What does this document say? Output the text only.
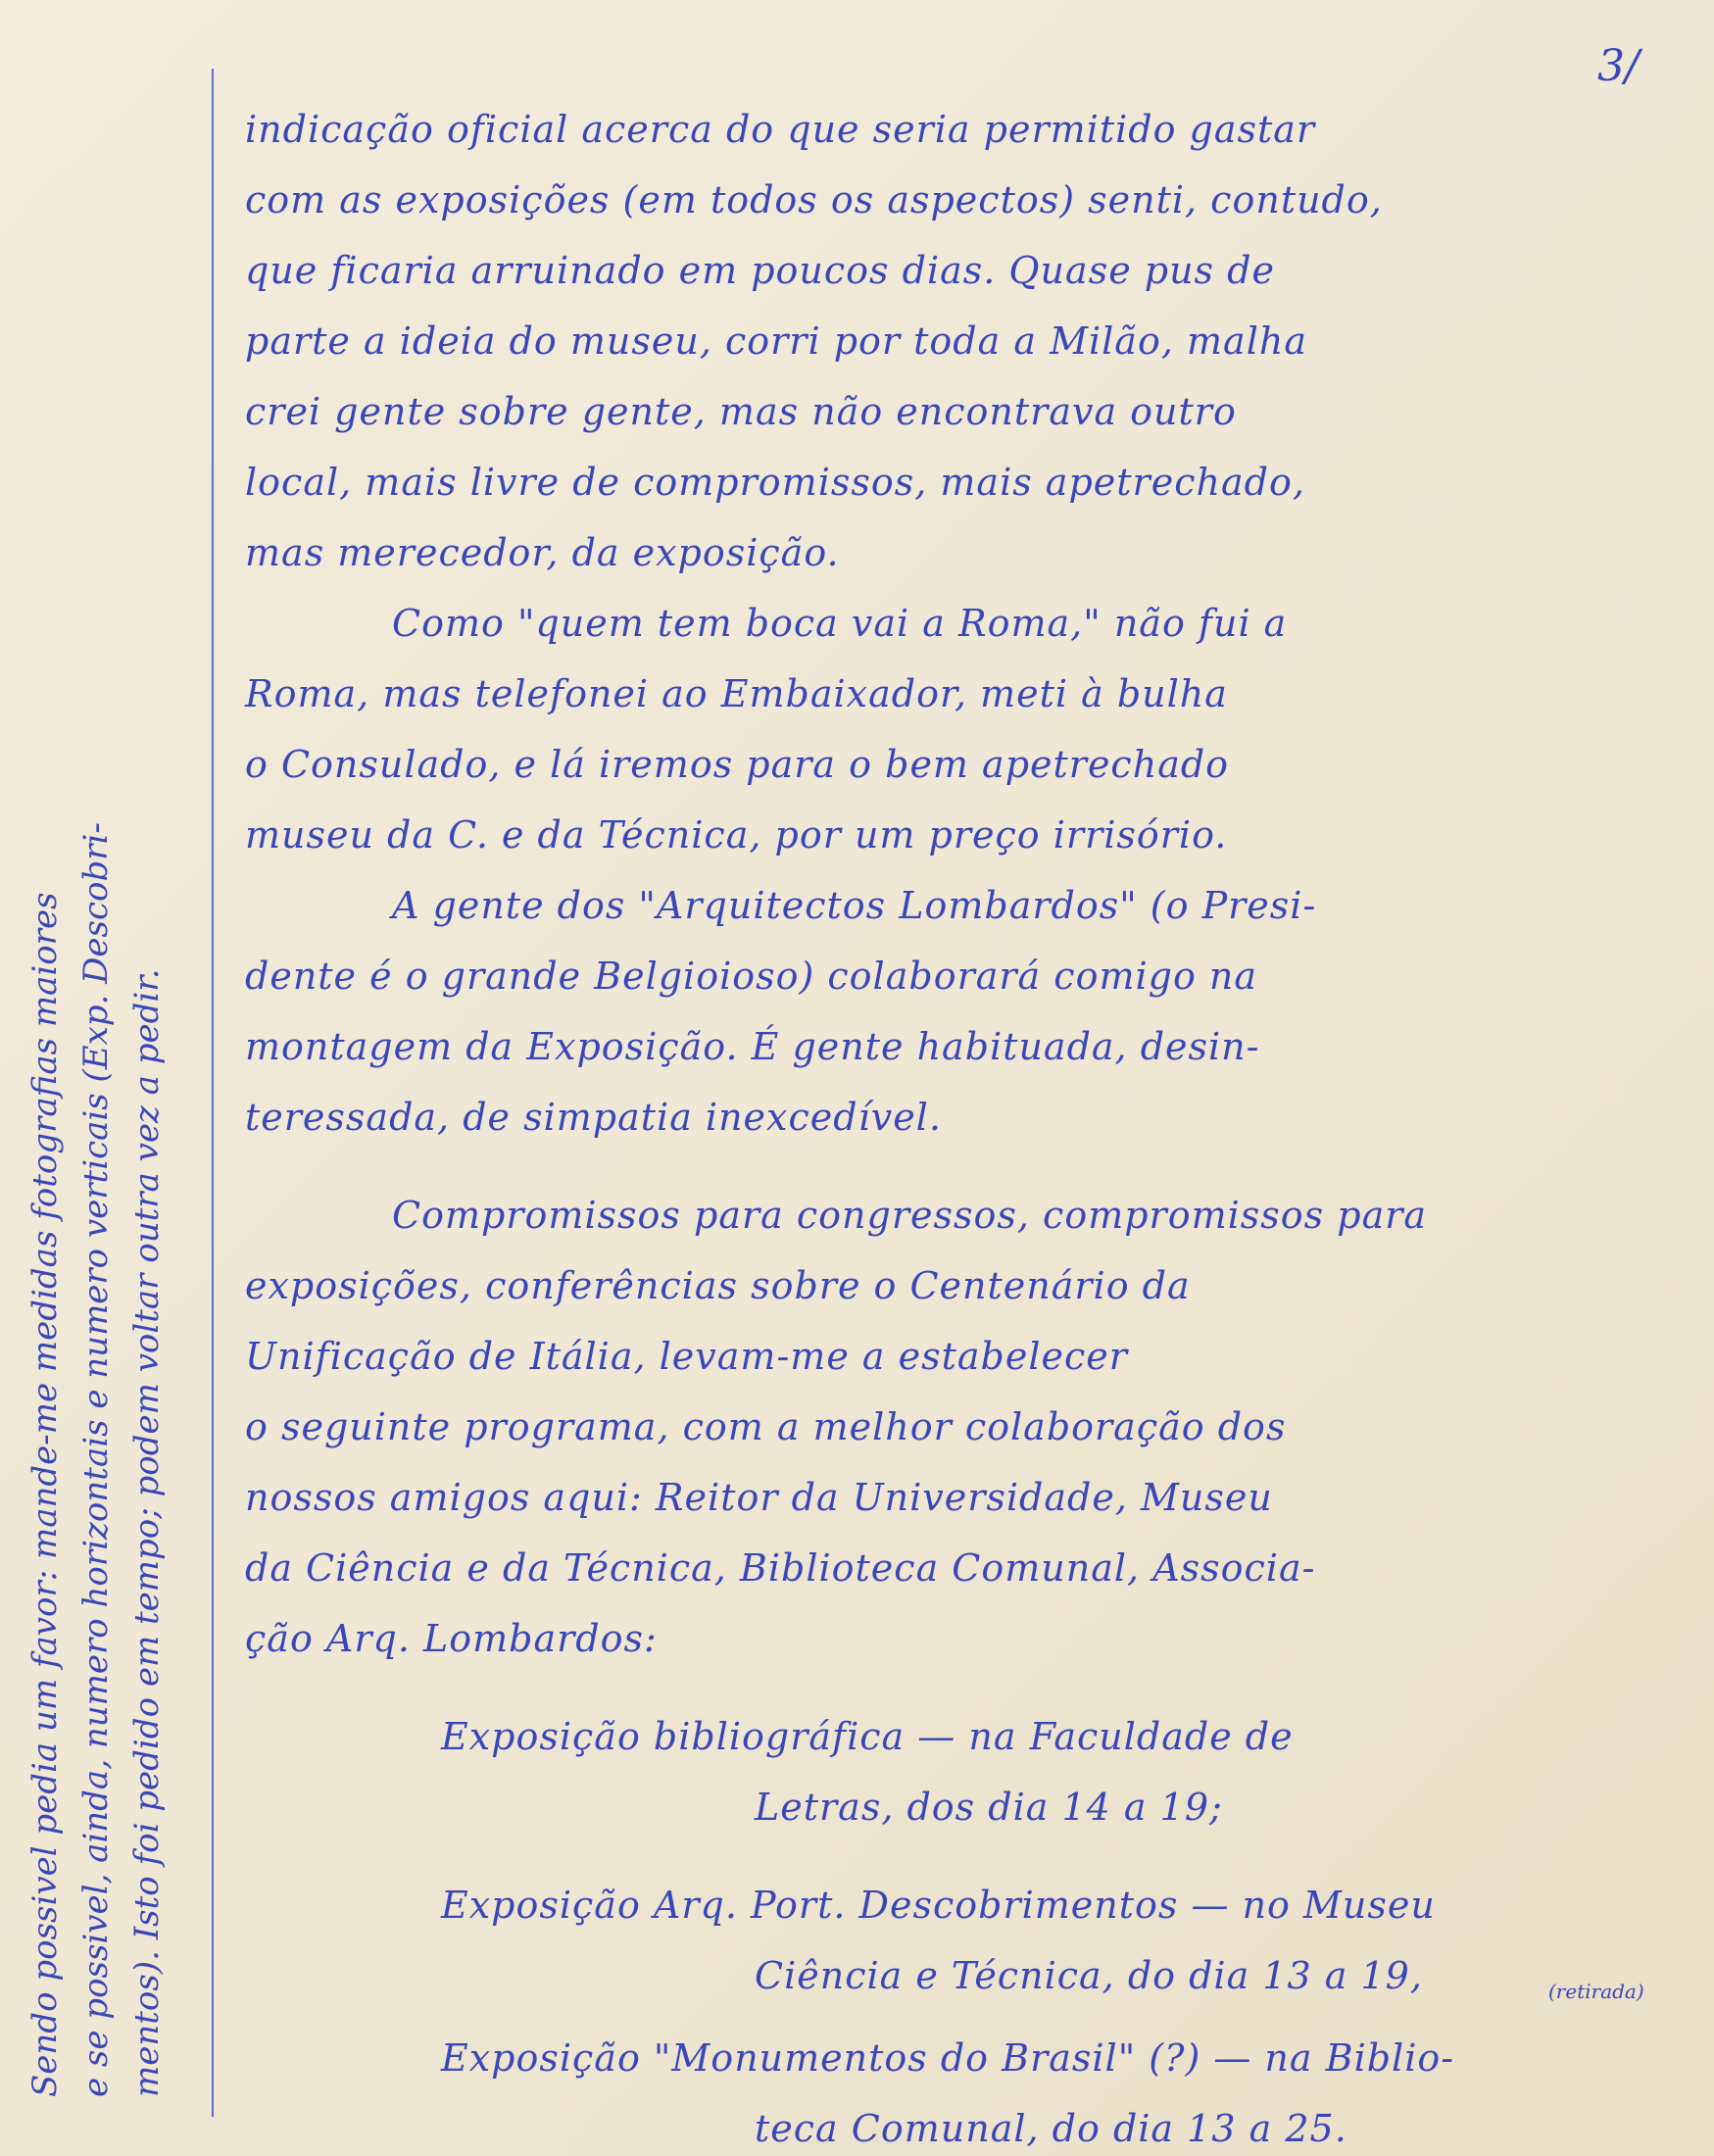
3/
Sendo possivel pedia um favor: mande-me medidas fotografias maiores e se possivel, ainda, numero horizontais e numero verticais (Exp. Descobri- mentos). Isto foi pedido em tempo; podem voltar outra vez a pedir.
indicação oficial acerca do que seria permitido gastar
com as exposições (em todos os aspectos) senti, contudo,
que ficaria arruinado em poucos dias. Quase pus de
parte a ideia do museu, corri por toda a Milão, malha
crei gente sobre gente, mas não encontrava outro
local, mais livre de compromissos, mais apetrechado,
mas merecedor, da exposição.
Como "quem tem boca vai a Roma," não fui a
Roma, mas telefonei ao Embaixador, meti à bulha
o Consulado, e lá iremos para o bem apetrechado
museu da C. e da Técnica, por um preço irrisório.
A gente dos "Arquitectos Lombardos" (o Presi-
dente é o grande Belgioioso) colaborará comigo na
montagem da Exposição. É gente habituada, desin-
teressada, de simpatia inexcedível.
Compromissos para congressos, compromissos para
exposições, conferências sobre o Centenário da
Unificação de Itália, levam-me a estabelecer
o seguinte programa, com a melhor colaboração dos
nossos amigos aqui: Reitor da Universidade, Museu
da Ciência e da Técnica, Biblioteca Comunal, Associa-
ção Arq. Lombardos:
Exposição bibliográfica — na Faculdade de
Letras, dos dia 14 a 19;
Exposição Arq. Port. Descobrimentos — no Museu
Ciência e Técnica, do dia 13 a 19,	(retirada)
Exposição "Monumentos do Brasil" (?) — na Biblio-
teca Comunal, do dia 13 a 25.
